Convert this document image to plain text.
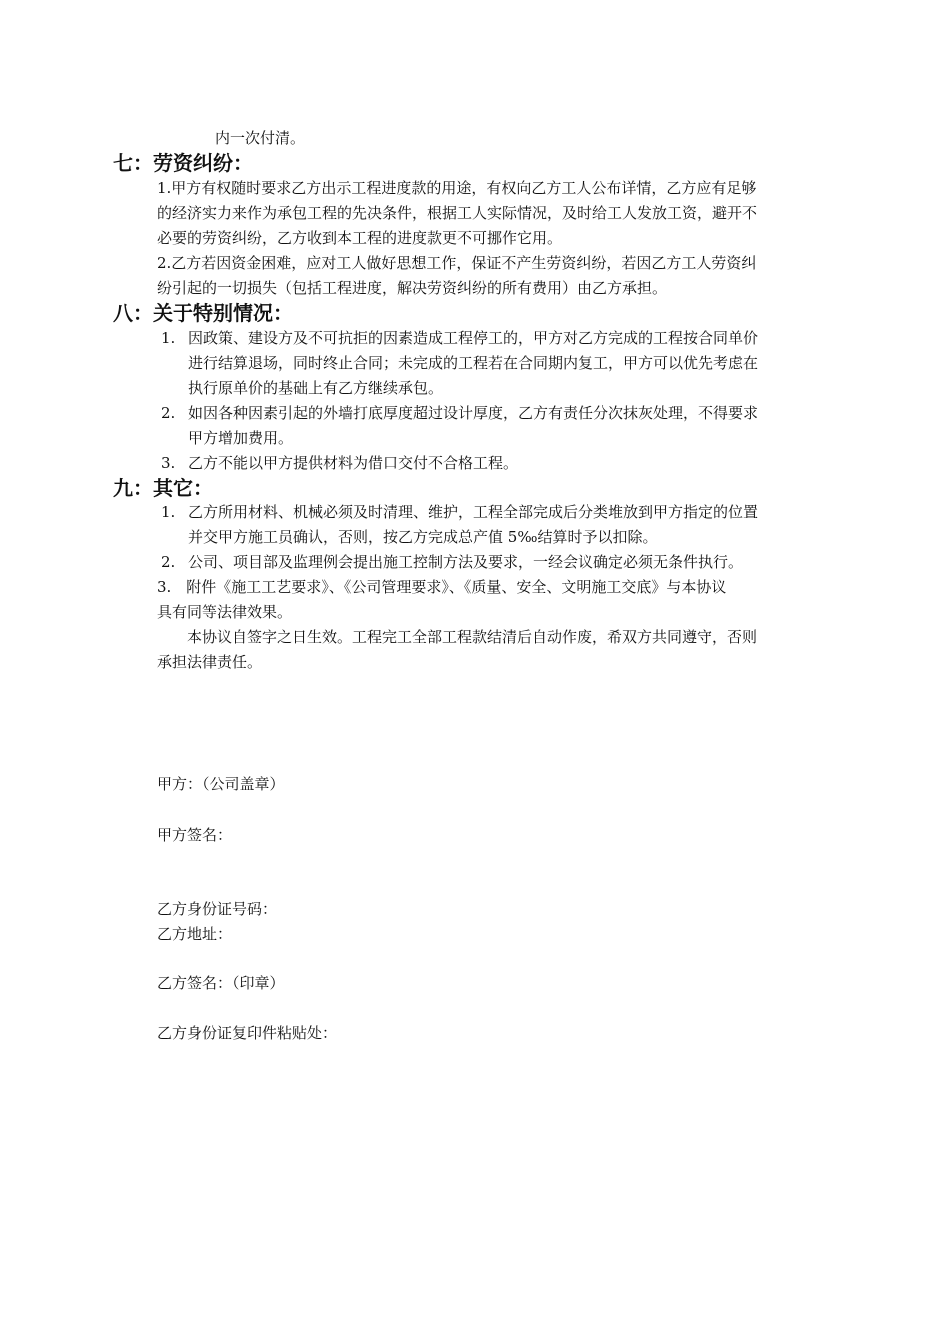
内一次付清。
七：劳资纠纷：
1.甲方有权随时要求乙方出示工程进度款的用途，有权向乙方工人公布详情，乙方应有足够
的经济实力来作为承包工程的先决条件，根据工人实际情况，及时给工人发放工资，避开不
必要的劳资纠纷，乙方收到本工程的进度款更不可挪作它用。
2.乙方若因资金困难，应对工人做好思想工作，保证不产生劳资纠纷，若因乙方工人劳资纠
纷引起的一切损失（包括工程进度，解决劳资纠纷的所有费用）由乙方承担。
八：关于特别情况：
1. 因政策、建设方及不可抗拒的因素造成工程停工的，甲方对乙方完成的工程按合同单价
进行结算退场，同时终止合同；未完成的工程若在合同期内复工，甲方可以优先考虑在
执行原单价的基础上有乙方继续承包。
2. 如因各种因素引起的外墙打底厚度超过设计厚度，乙方有责任分次抹灰处理，不得要求
甲方增加费用。
3. 乙方不能以甲方提供材料为借口交付不合格工程。
九：其它：
1. 乙方所用材料、机械必须及时清理、维护，工程全部完成后分类堆放到甲方指定的位置
并交甲方施工员确认，否则，按乙方完成总产值 5‰结算时予以扣除。
2. 公司、项目部及监理例会提出施工控制方法及要求，一经会议确定必须无条件执行。
3.　附件《施工工艺要求》、《公司管理要求》、《质量、安全、文明施工交底》与本协议
具有同等法律效果。
　　本协议自签字之日生效。工程完工全部工程款结清后自动作废，希双方共同遵守，否则
承担法律责任。
甲方：（公司盖章）
甲方签名：
乙方身份证号码：
乙方地址：
乙方签名：（印章）
乙方身份证复印件粘贴处：
